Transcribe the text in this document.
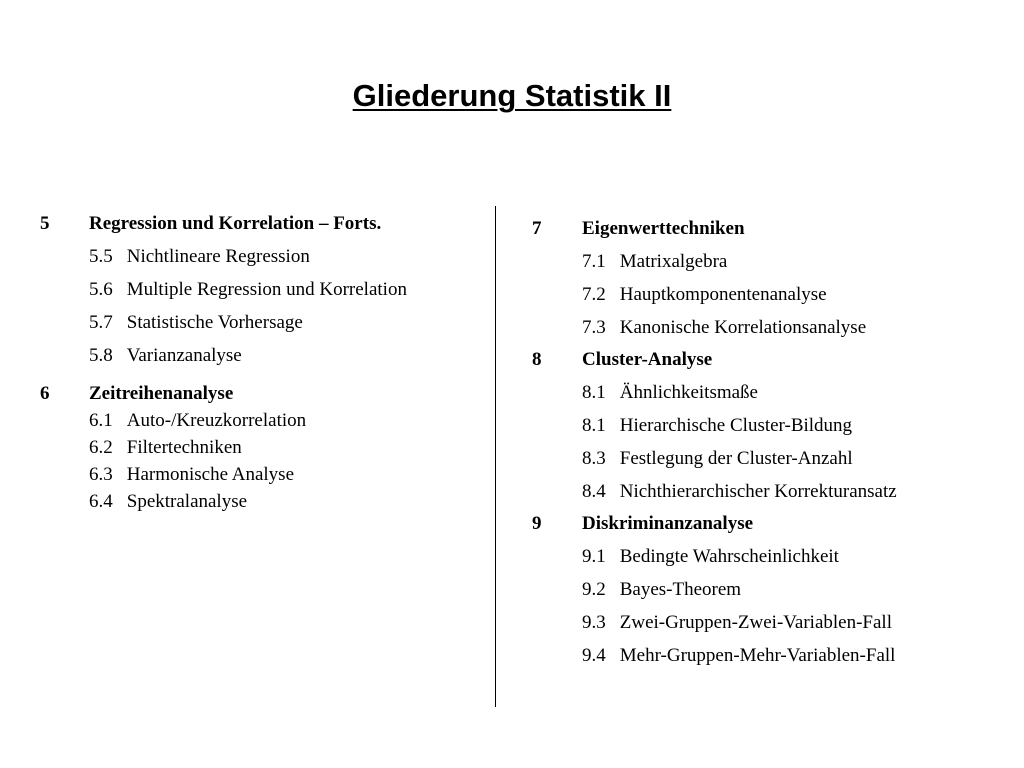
Gliederung Statistik II
5 Regression und Korrelation – Forts.
5.5 Nichtlineare Regression
5.6 Multiple Regression und Korrelation
5.7 Statistische Vorhersage
5.8 Varianzanalyse
6 Zeitreihenanalyse
6.1 Auto-/Kreuzkorrelation
6.2 Filtertechniken
6.3 Harmonische Analyse
6.4 Spektralanalyse
7 Eigenwerttechniken
7.1 Matrixalgebra
7.2 Hauptkomponentenanalyse
7.3 Kanonische Korrelationsanalyse
8 Cluster-Analyse
8.1 Ähnlichkeitsmaße
8.1 Hierarchische Cluster-Bildung
8.3 Festlegung der Cluster-Anzahl
8.4 Nichthierarchischer Korrekturansatz
9 Diskriminanzanalyse
9.1 Bedingte Wahrscheinlichkeit
9.2 Bayes-Theorem
9.3 Zwei-Gruppen-Zwei-Variablen-Fall
9.4 Mehr-Gruppen-Mehr-Variablen-Fall
